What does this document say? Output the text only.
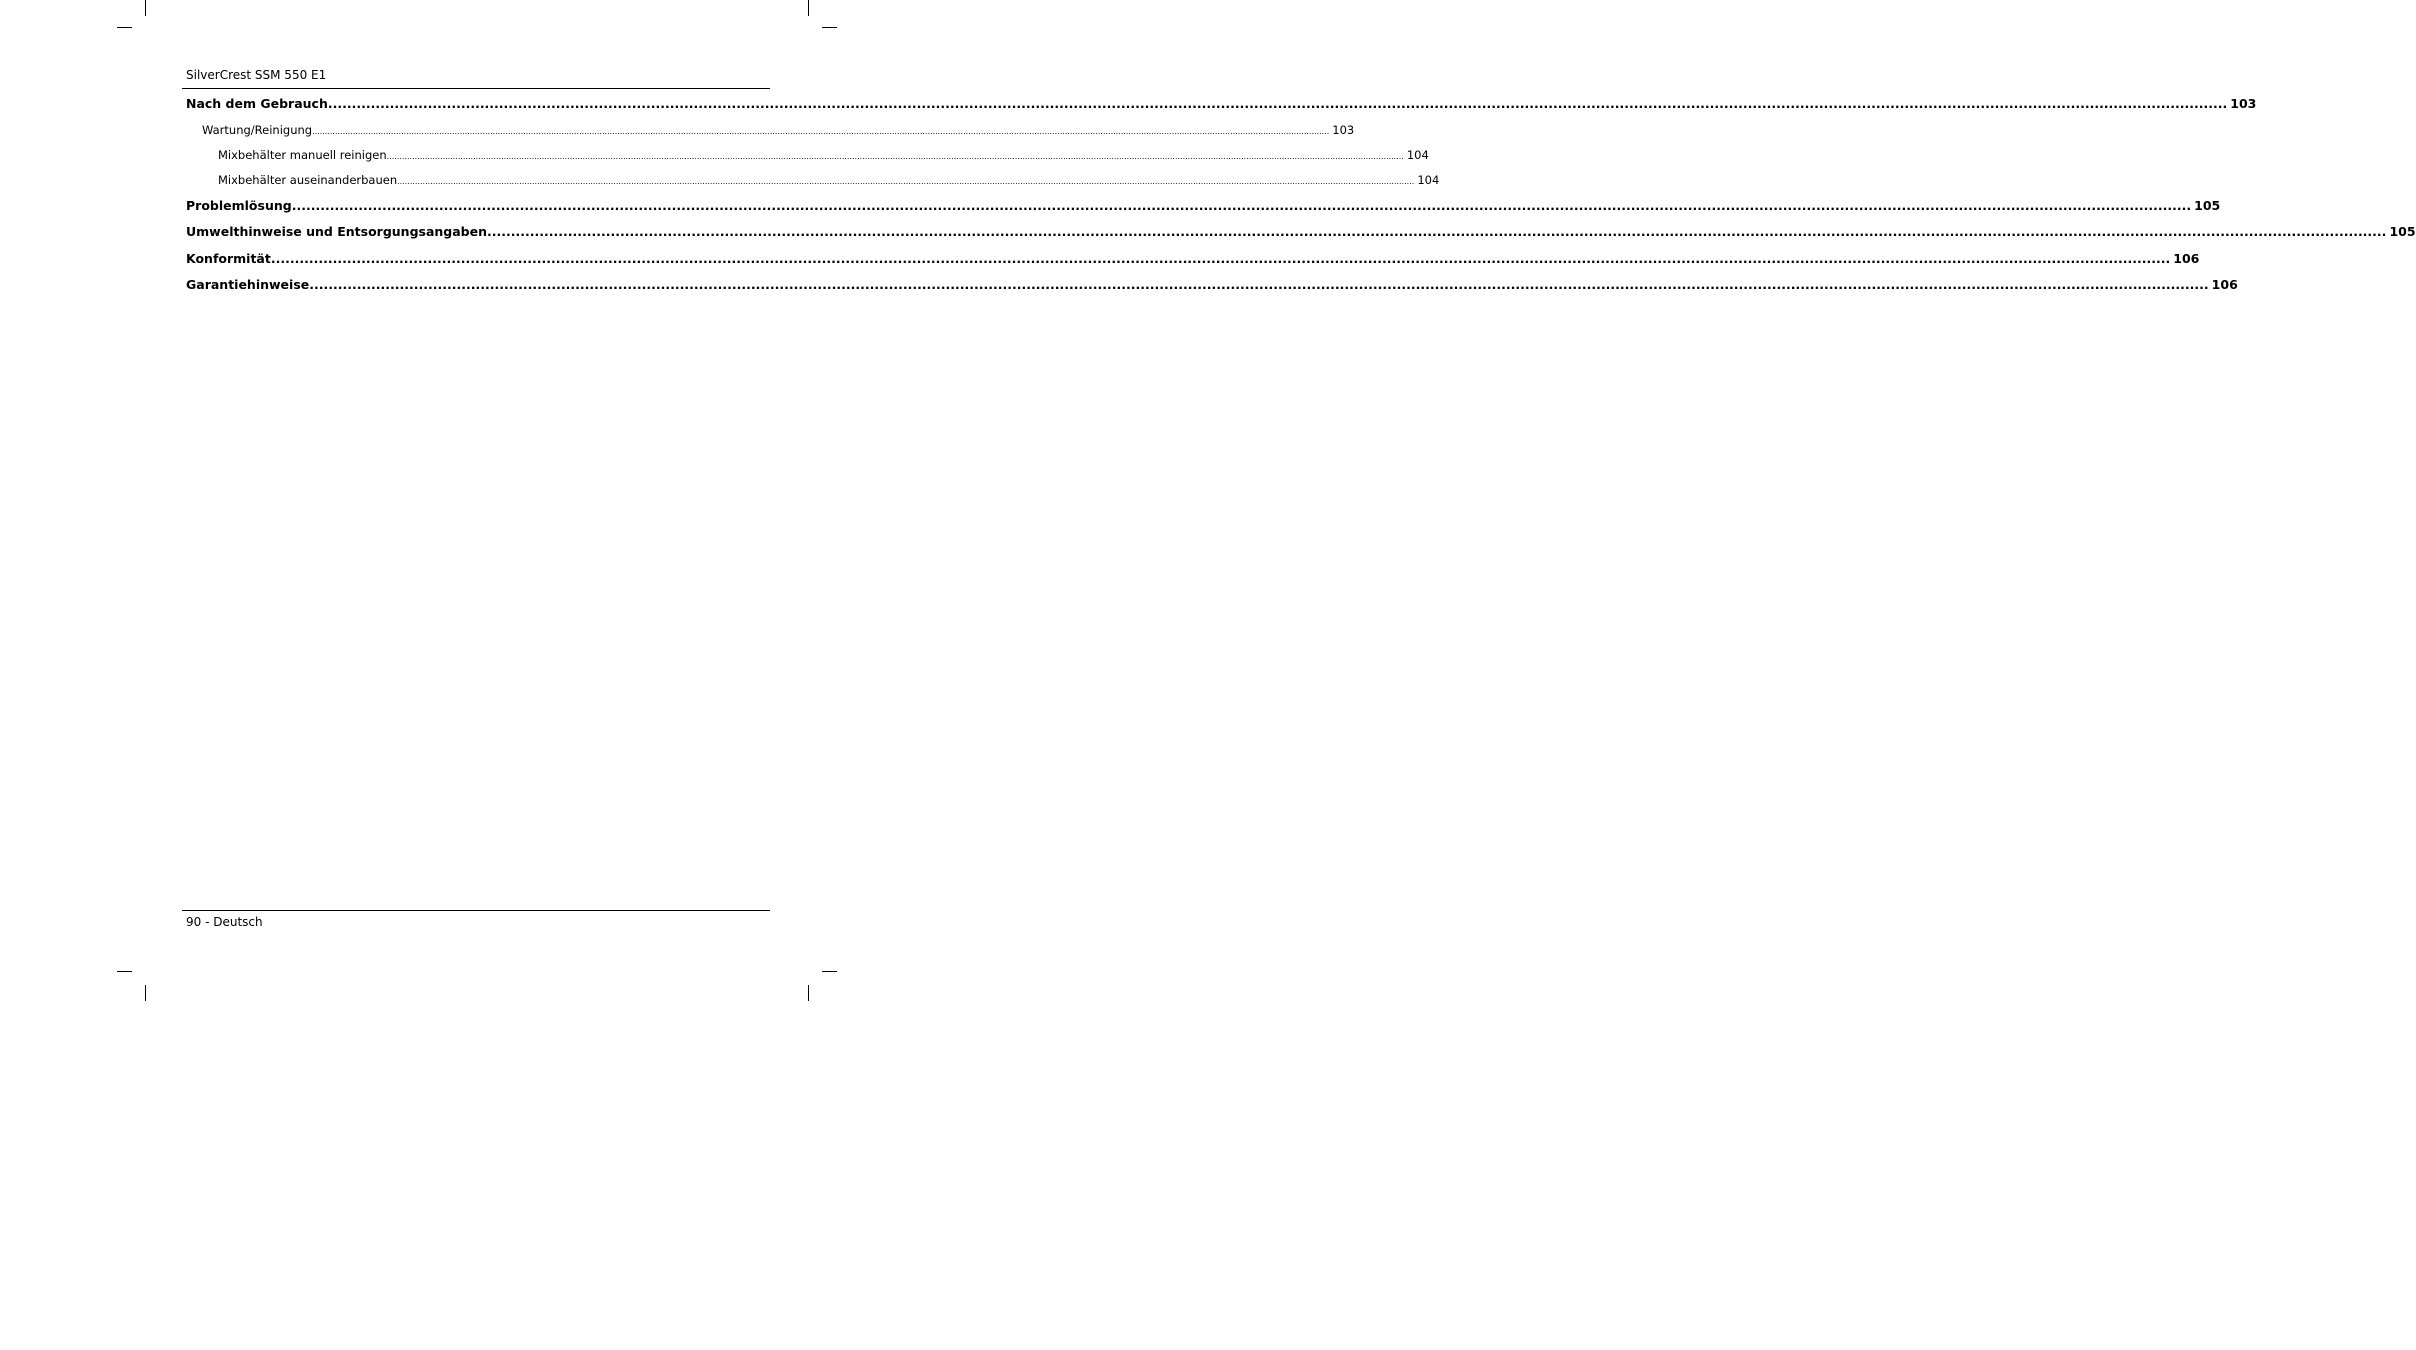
SilverCrest SSM 550 E1
Nach dem Gebrauch ................................................................................................................................................................................................................................................................................................................................................................................................................ 103
Wartung/Reinigung ................................................................................................................................................................................................................................................................................................................................................................................................................ 103
Mixbehälter manuell reinigen ................................................................................................................................................................................................................................................................................................................................................................................................................ 104
Mixbehälter auseinanderbauen ................................................................................................................................................................................................................................................................................................................................................................................................................ 104
Problemlösung ................................................................................................................................................................................................................................................................................................................................................................................................................ 105
Umwelthinweise und Entsorgungsangaben ................................................................................................................................................................................................................................................................................................................................................................................................................ 105
Konformität ................................................................................................................................................................................................................................................................................................................................................................................................................ 106
Garantiehinweise ................................................................................................................................................................................................................................................................................................................................................................................................................ 106
90 - Deutsch
